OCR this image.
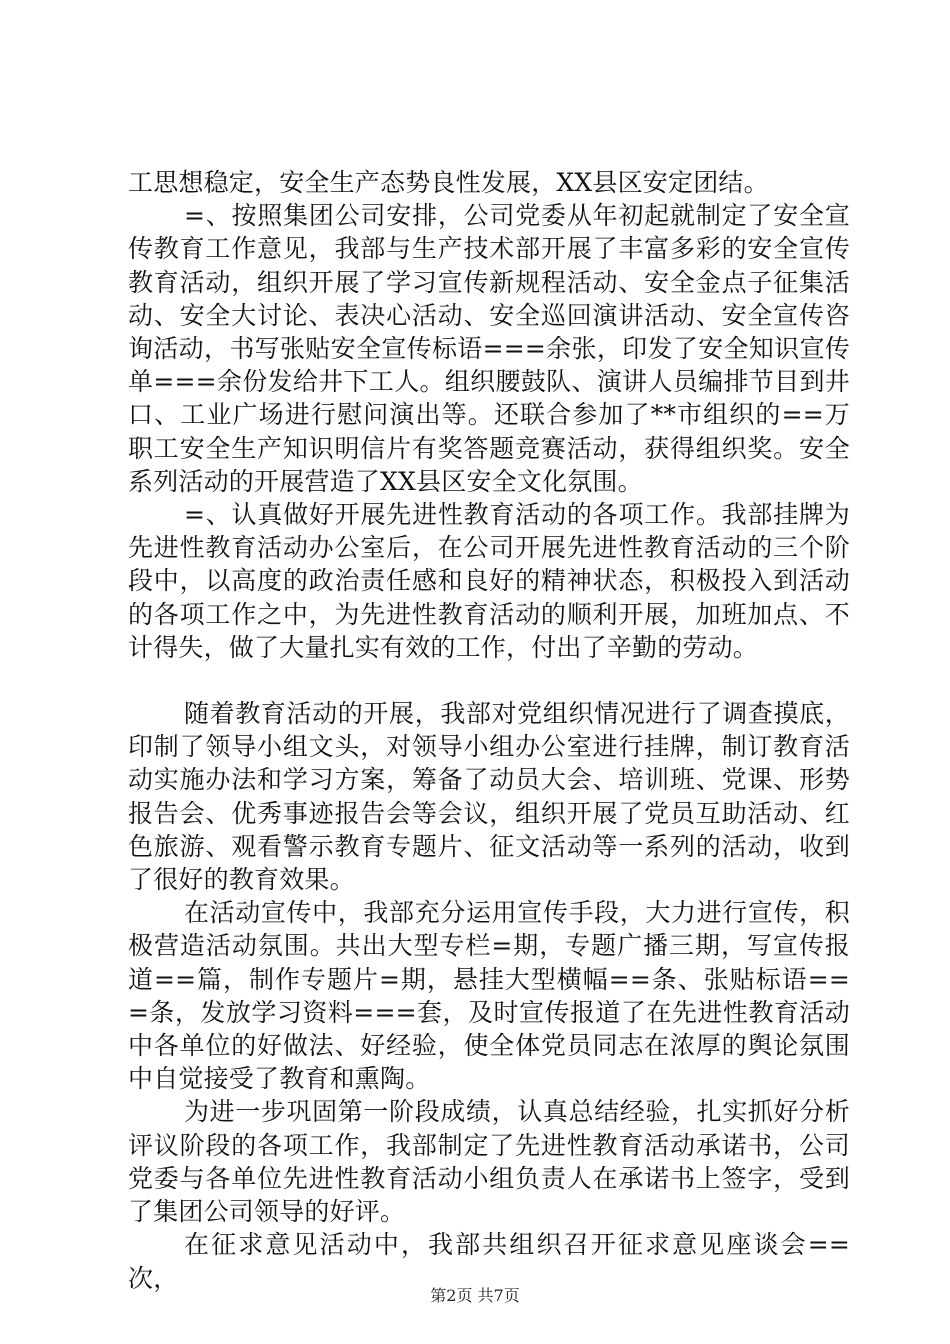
工思想稳定，安全生产态势良性发展，XX县区安定团结。

=、按照集团公司安排，公司党委从年初起就制定了安全宣传教育工作意见，我部与生产技术部开展了丰富多彩的安全宣传教育活动，组织开展了学习宣传新规程活动、安全金点子征集活动、安全大讨论、表决心活动、安全巡回演讲活动、安全宣传咨询活动，书写张贴安全宣传标语===余张，印发了安全知识宣传单===余份发给井下工人。组织腰鼓队、演讲人员编排节目到井口、工业广场进行慰问演出等。还联合参加了**市组织的==万职工安全生产知识明信片有奖答题竞赛活动，获得组织奖。安全系列活动的开展营造了XX县区安全文化氛围。

=、认真做好开展先进性教育活动的各项工作。我部挂牌为先进性教育活动办公室后，在公司开展先进性教育活动的三个阶段中，以高度的政治责任感和良好的精神状态，积极投入到活动的各项工作之中，为先进性教育活动的顺利开展，加班加点、不计得失，做了大量扎实有效的工作，付出了辛勤的劳动。

随着教育活动的开展，我部对党组织情况进行了调查摸底，印制了领导小组文头，对领导小组办公室进行挂牌，制订教育活动实施办法和学习方案，筹备了动员大会、培训班、党课、形势报告会、优秀事迹报告会等会议，组织开展了党员互助活动、红色旅游、观看警示教育专题片、征文活动等一系列的活动，收到了很好的教育效果。

在活动宣传中，我部充分运用宣传手段，大力进行宣传，积极营造活动氛围。共出大型专栏=期，专题广播三期，写宣传报道==篇，制作专题片=期，悬挂大型横幅==条、张贴标语===条，发放学习资料===套，及时宣传报道了在先进性教育活动中各单位的好做法、好经验，使全体党员同志在浓厚的舆论氛围中自觉接受了教育和熏陶。

为进一步巩固第一阶段成绩，认真总结经验，扎实抓好分析评议阶段的各项工作，我部制定了先进性教育活动承诺书，公司党委与各单位先进性教育活动小组负责人在承诺书上签字，受到了集团公司领导的好评。

在征求意见活动中，我部共组织召开征求意见座谈会==次，

第2页 共7页
